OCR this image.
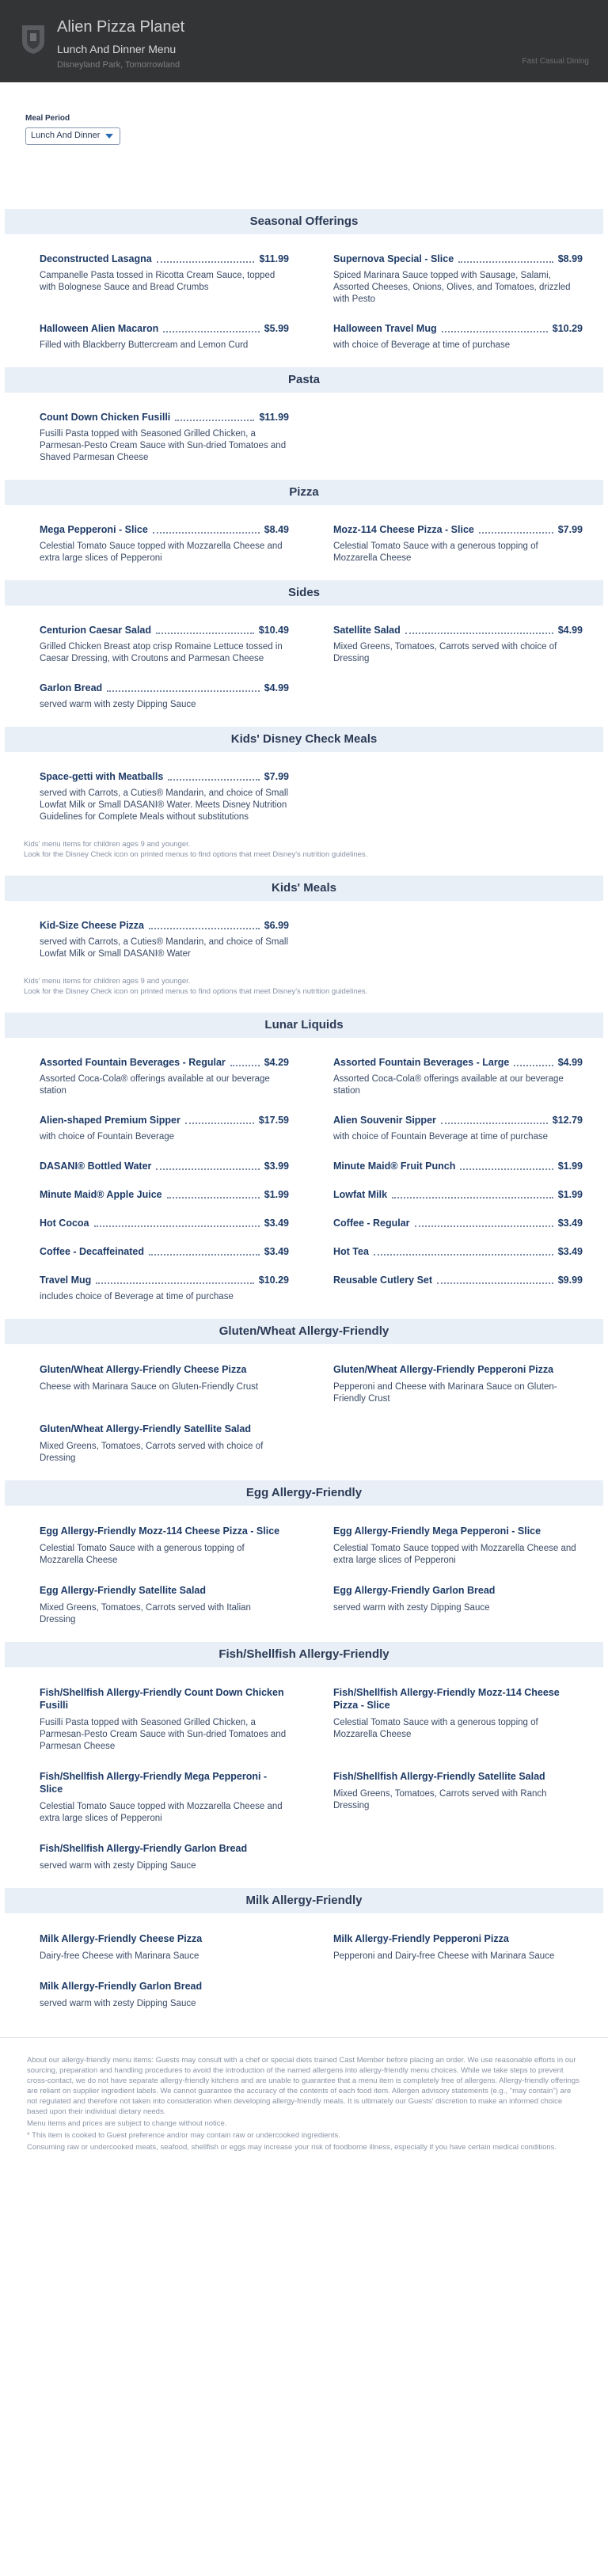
Alien Pizza Planet
Lunch And Dinner Menu
Disneyland Park, Tomorrowland	Fast Casual Dining
Meal Period
Lunch And Dinner
Seasonal Offerings
Deconstructed Lasagna	$11.99
Campanelle Pasta tossed in Ricotta Cream Sauce, topped with Bolognese Sauce and Bread Crumbs
Supernova Special - Slice	$8.99
Spiced Marinara Sauce topped with Sausage, Salami, Assorted Cheeses, Onions, Olives, and Tomatoes, drizzled with Pesto
Halloween Alien Macaron	$5.99
Filled with Blackberry Buttercream and Lemon Curd
Halloween Travel Mug	$10.29
with choice of Beverage at time of purchase
Pasta
Count Down Chicken Fusilli	$11.99
Fusilli Pasta topped with Seasoned Grilled Chicken, a Parmesan-Pesto Cream Sauce with Sun-dried Tomatoes and Shaved Parmesan Cheese
Pizza
Mega Pepperoni - Slice	$8.49
Celestial Tomato Sauce topped with Mozzarella Cheese and extra large slices of Pepperoni
Mozz-114 Cheese Pizza - Slice	$7.99
Celestial Tomato Sauce with a generous topping of Mozzarella Cheese
Sides
Centurion Caesar Salad	$10.49
Grilled Chicken Breast atop crisp Romaine Lettuce tossed in Caesar Dressing, with Croutons and Parmesan Cheese
Satellite Salad	$4.99
Mixed Greens, Tomatoes, Carrots served with choice of Dressing
Garlon Bread	$4.99
served warm with zesty Dipping Sauce
Kids' Disney Check Meals
Space-getti with Meatballs	$7.99
served with Carrots, a Cuties® Mandarin, and choice of Small Lowfat Milk or Small DASANI® Water. Meets Disney Nutrition Guidelines for Complete Meals without substitutions
Kids' menu items for children ages 9 and younger.
Look for the Disney Check icon on printed menus to find options that meet Disney's nutrition guidelines.
Kids' Meals
Kid-Size Cheese Pizza	$6.99
served with Carrots, a Cuties® Mandarin, and choice of Small Lowfat Milk or Small DASANI® Water
Kids' menu items for children ages 9 and younger.
Look for the Disney Check icon on printed menus to find options that meet Disney's nutrition guidelines.
Lunar Liquids
Assorted Fountain Beverages - Regular	$4.29
Assorted Coca-Cola® offerings available at our beverage station
Assorted Fountain Beverages - Large	$4.99
Assorted Coca-Cola® offerings available at our beverage station
Alien-shaped Premium Sipper	$17.59
with choice of Fountain Beverage
Alien Souvenir Sipper	$12.79
with choice of Fountain Beverage at time of purchase
DASANI® Bottled Water	$3.99	Minute Maid® Fruit Punch	$1.99
Minute Maid® Apple Juice	$1.99	Lowfat Milk	$1.99
Hot Cocoa	$3.49	Coffee - Regular	$3.49
Coffee - Decaffeinated	$3.49	Hot Tea	$3.49
Travel Mug	$10.29
includes choice of Beverage at time of purchase
Reusable Cutlery Set	$9.99
Gluten/Wheat Allergy-Friendly
Gluten/Wheat Allergy-Friendly Cheese Pizza
Cheese with Marinara Sauce on Gluten-Friendly Crust
Gluten/Wheat Allergy-Friendly Pepperoni Pizza
Pepperoni and Cheese with Marinara Sauce on Gluten-Friendly Crust
Gluten/Wheat Allergy-Friendly Satellite Salad
Mixed Greens, Tomatoes, Carrots served with choice of Dressing
Egg Allergy-Friendly
Egg Allergy-Friendly Mozz-114 Cheese Pizza - Slice
Celestial Tomato Sauce with a generous topping of Mozzarella Cheese
Egg Allergy-Friendly Mega Pepperoni - Slice
Celestial Tomato Sauce topped with Mozzarella Cheese and extra large slices of Pepperoni
Egg Allergy-Friendly Satellite Salad
Mixed Greens, Tomatoes, Carrots served with Italian Dressing
Egg Allergy-Friendly Garlon Bread
served warm with zesty Dipping Sauce
Fish/Shellfish Allergy-Friendly
Fish/Shellfish Allergy-Friendly Count Down Chicken Fusilli
Fusilli Pasta topped with Seasoned Grilled Chicken, a Parmesan-Pesto Cream Sauce with Sun-dried Tomatoes and Parmesan Cheese
Fish/Shellfish Allergy-Friendly Mozz-114 Cheese Pizza - Slice
Celestial Tomato Sauce with a generous topping of Mozzarella Cheese
Fish/Shellfish Allergy-Friendly Mega Pepperoni - Slice
Celestial Tomato Sauce topped with Mozzarella Cheese and extra large slices of Pepperoni
Fish/Shellfish Allergy-Friendly Satellite Salad
Mixed Greens, Tomatoes, Carrots served with Ranch Dressing
Fish/Shellfish Allergy-Friendly Garlon Bread
served warm with zesty Dipping Sauce
Milk Allergy-Friendly
Milk Allergy-Friendly Cheese Pizza
Dairy-free Cheese with Marinara Sauce
Milk Allergy-Friendly Pepperoni Pizza
Pepperoni and Dairy-free Cheese with Marinara Sauce
Milk Allergy-Friendly Garlon Bread
served warm with zesty Dipping Sauce

About our allergy-friendly menu items: Guests may consult with a chef or special diets trained Cast Member before placing an order. We use reasonable efforts in our sourcing, preparation and handling procedures to avoid the introduction of the named allergens into allergy-friendly menu choices. While we take steps to prevent cross-contact, we do not have separate allergy-friendly kitchens and are unable to guarantee that a menu item is completely free of allergens. Allergy-friendly offerings are reliant on supplier ingredient labels. We cannot guarantee the accuracy of the contents of each food item. Allergen advisory statements (e.g., "may contain") are not regulated and therefore not taken into consideration when developing allergy-friendly meals. It is ultimately our Guests' discretion to make an informed choice based upon their individual dietary needs.

Menu items and prices are subject to change without notice.

* This item is cooked to Guest preference and/or may contain raw or undercooked ingredients.

Consuming raw or undercooked meats, seafood, shellfish or eggs may increase your risk of foodborne illness, especially if you have certain medical conditions.
